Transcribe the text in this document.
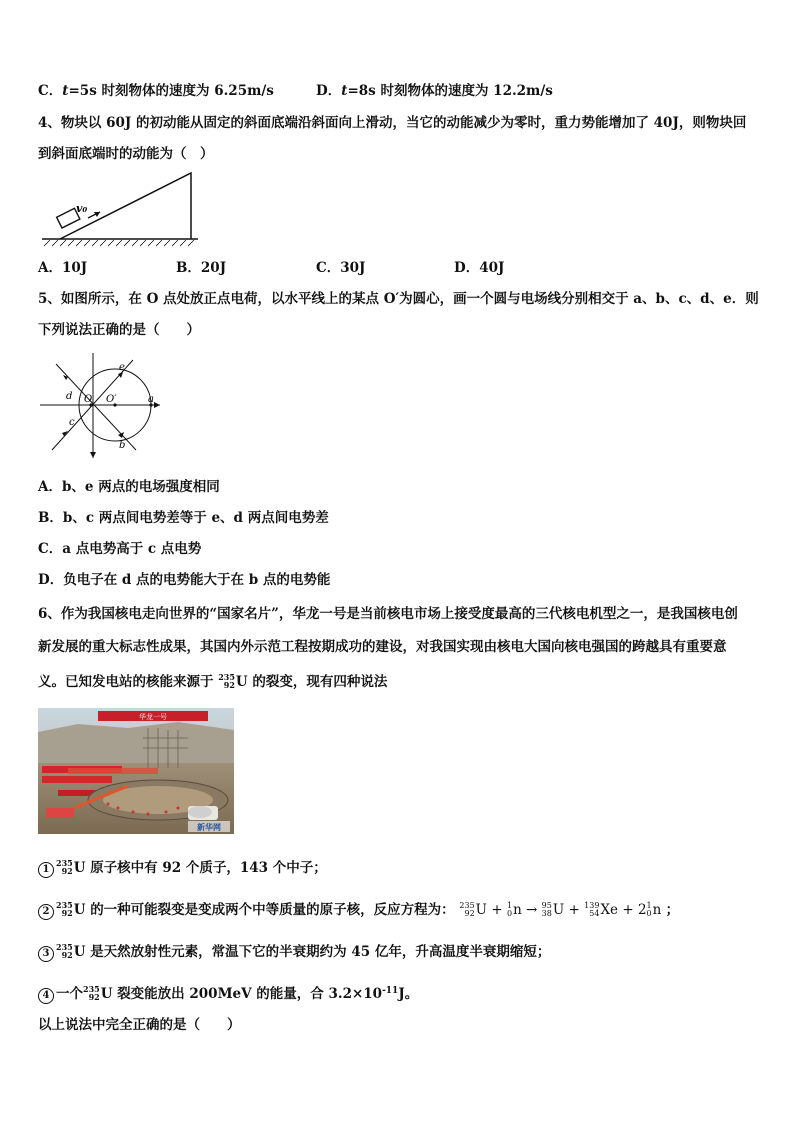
C．t=5s 时刻物体的速度为 6.25m/s	D．t=8s 时刻物体的速度为 12.2m/s
4、物块以 60J 的初动能从固定的斜面底端沿斜面向上滑动，当它的动能减少为零时，重力势能增加了 40J，则物块回
到斜面底端时的动能为（　）
v₀
A．10J	B．20J	C．30J	D．40J
5、如图所示，在 O 点处放正点电荷，以水平线上的某点 O′为圆心，画一个圆与电场线分别相交于 a、b、c、d、e．则
下列说法正确的是（　　）
e
d O O′	a
c
b
A．b、e 两点的电场强度相同
B．b、c 两点间电势差等于 e、d 两点间电势差
C．a 点电势高于 c 点电势
D．负电子在 d 点的电势能大于在 b 点的电势能
6、作为我国核电走向世界的“国家名片”，华龙一号是当前核电市场上接受度最高的三代核电机型之一，是我国核电创
新发展的重大标志性成果，其国内外示范工程按期成功的建设，对我国实现由核电大国向核电强国的跨越具有重要意
义。已知发电站的核能来源于 235
92 U 的裂变，现有四种说法
华龙一号
新华网
1
235
92 U 原子核中有 92 个质子，143 个中子；
2
235
92 U 的一种可能裂变是变成两个中等质量的原子核，反应方程为： 235
92 U + 1
0 n → 95
38 U + 139
54 Xe + 2 1
0 n ；
3
235
92 U 是天然放射性元素，常温下它的半衰期约为 45 亿年，升高温度半衰期缩短；
4 一个 235
92 U 裂变能放出 200MeV 的能量，合 $3.2\times 10^{-11}J$。
以上说法中完全正确的是（　　）
